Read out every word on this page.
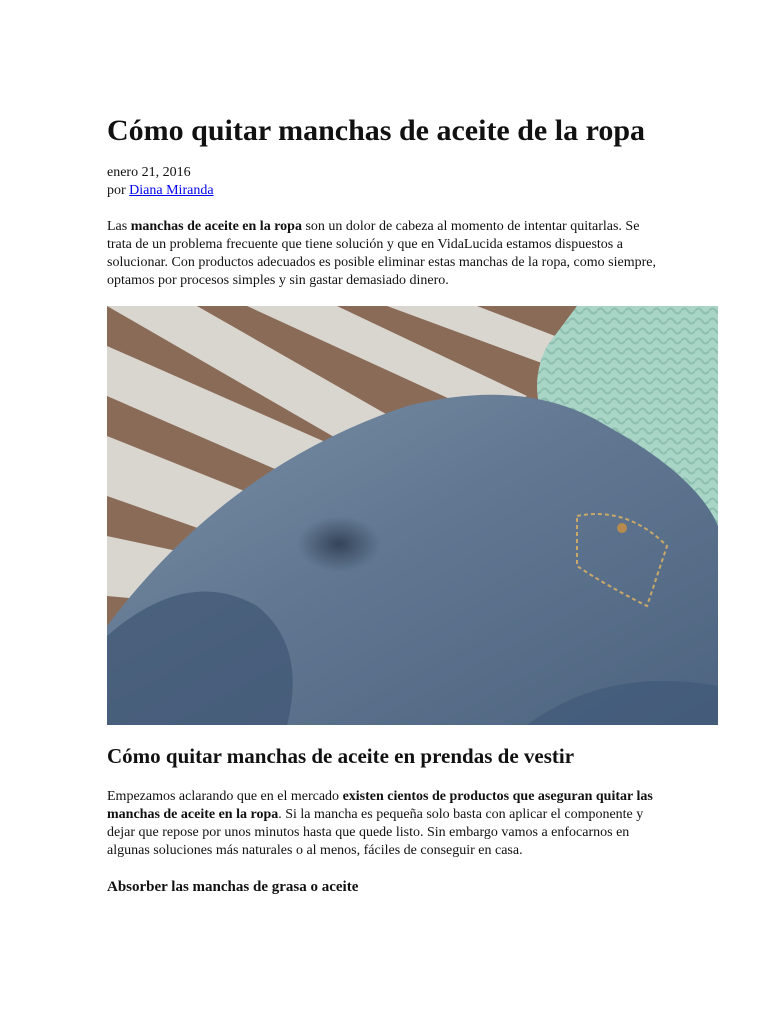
Cómo quitar manchas de aceite de la ropa
enero 21, 2016
por Diana Miranda

Las manchas de aceite en la ropa son un dolor de cabeza al momento de intentar quitarlas. Se trata de un problema frecuente que tiene solución y que en VidaLucida estamos dispuestos a solucionar. Con productos adecuados es posible eliminar estas manchas de la ropa, como siempre, optamos por procesos simples y sin gastar demasiado dinero.

Cómo quitar manchas de aceite en prendas de vestir

Empezamos aclarando que en el mercado existen cientos de productos que aseguran quitar las manchas de aceite en la ropa. Si la mancha es pequeña solo basta con aplicar el componente y dejar que repose por unos minutos hasta que quede listo. Sin embargo vamos a enfocarnos en algunas soluciones más naturales o al menos, fáciles de conseguir en casa.

Absorber las manchas de grasa o aceite
